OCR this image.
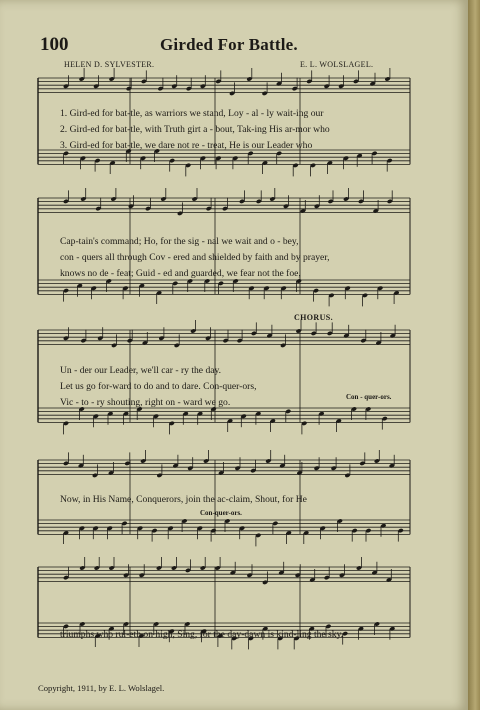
100	Girded For Battle.
HELEN D. SYLVESTER.	E. L. WOLSLAGEL.
1. Gird-ed for bat-tle, as warriors we stand, Loy - al - ly wait-ing our
2. Gird-ed for bat-tle, with Truth girt a - bout, Tak-ing His ar-mor who
3. Gird-ed for bat-tle, we dare not re - treat, He is our Leader who
Cap-tain's command; Ho, for the sig - nal we wait and o - bey,
con - quers all through Cov - ered and shielded by faith and by prayer,
knows no de - feat; Guid - ed and guarded, we fear not the foe,
CHORUS.
Un - der our Leader, we'll car - ry the day.
Let us go for-ward to do and to dare. Con-quer-ors,
Vic - to - ry shouting, right on - ward we go.	Con - quer-ors.
Now, in His Name, Conquerors, join the ac-claim, Shout, for He
Con-quer-ors.
triumphs who rul-eth on high, Sing, for the day-dawn is kind-ling the sky.
Copyright, 1911, by E. L. Wolslagel.
